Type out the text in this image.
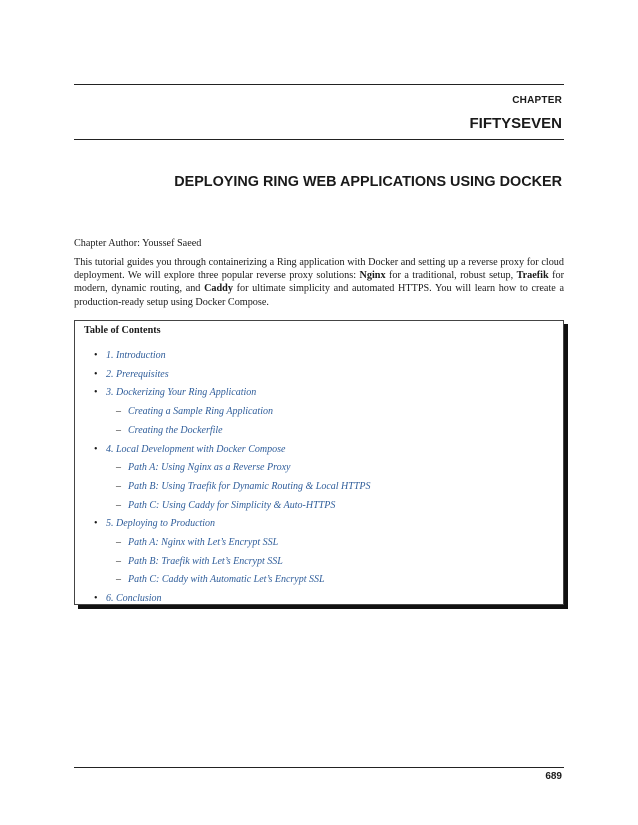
CHAPTER
FIFTYSEVEN
DEPLOYING RING WEB APPLICATIONS USING DOCKER
Chapter Author: Youssef Saeed
This tutorial guides you through containerizing a Ring application with Docker and setting up a reverse proxy for cloud deployment. We will explore three popular reverse proxy solutions: Nginx for a traditional, robust setup, Traefik for modern, dynamic routing, and Caddy for ultimate simplicity and automated HTTPS. You will learn how to create a production-ready setup using Docker Compose.
Table of Contents
• 1. Introduction
• 2. Prerequisites
• 3. Dockerizing Your Ring Application
– Creating a Sample Ring Application
– Creating the Dockerfile
• 4. Local Development with Docker Compose
– Path A: Using Nginx as a Reverse Proxy
– Path B: Using Traefik for Dynamic Routing & Local HTTPS
– Path C: Using Caddy for Simplicity & Auto-HTTPS
• 5. Deploying to Production
– Path A: Nginx with Let’s Encrypt SSL
– Path B: Traefik with Let’s Encrypt SSL
– Path C: Caddy with Automatic Let’s Encrypt SSL
• 6. Conclusion
689
